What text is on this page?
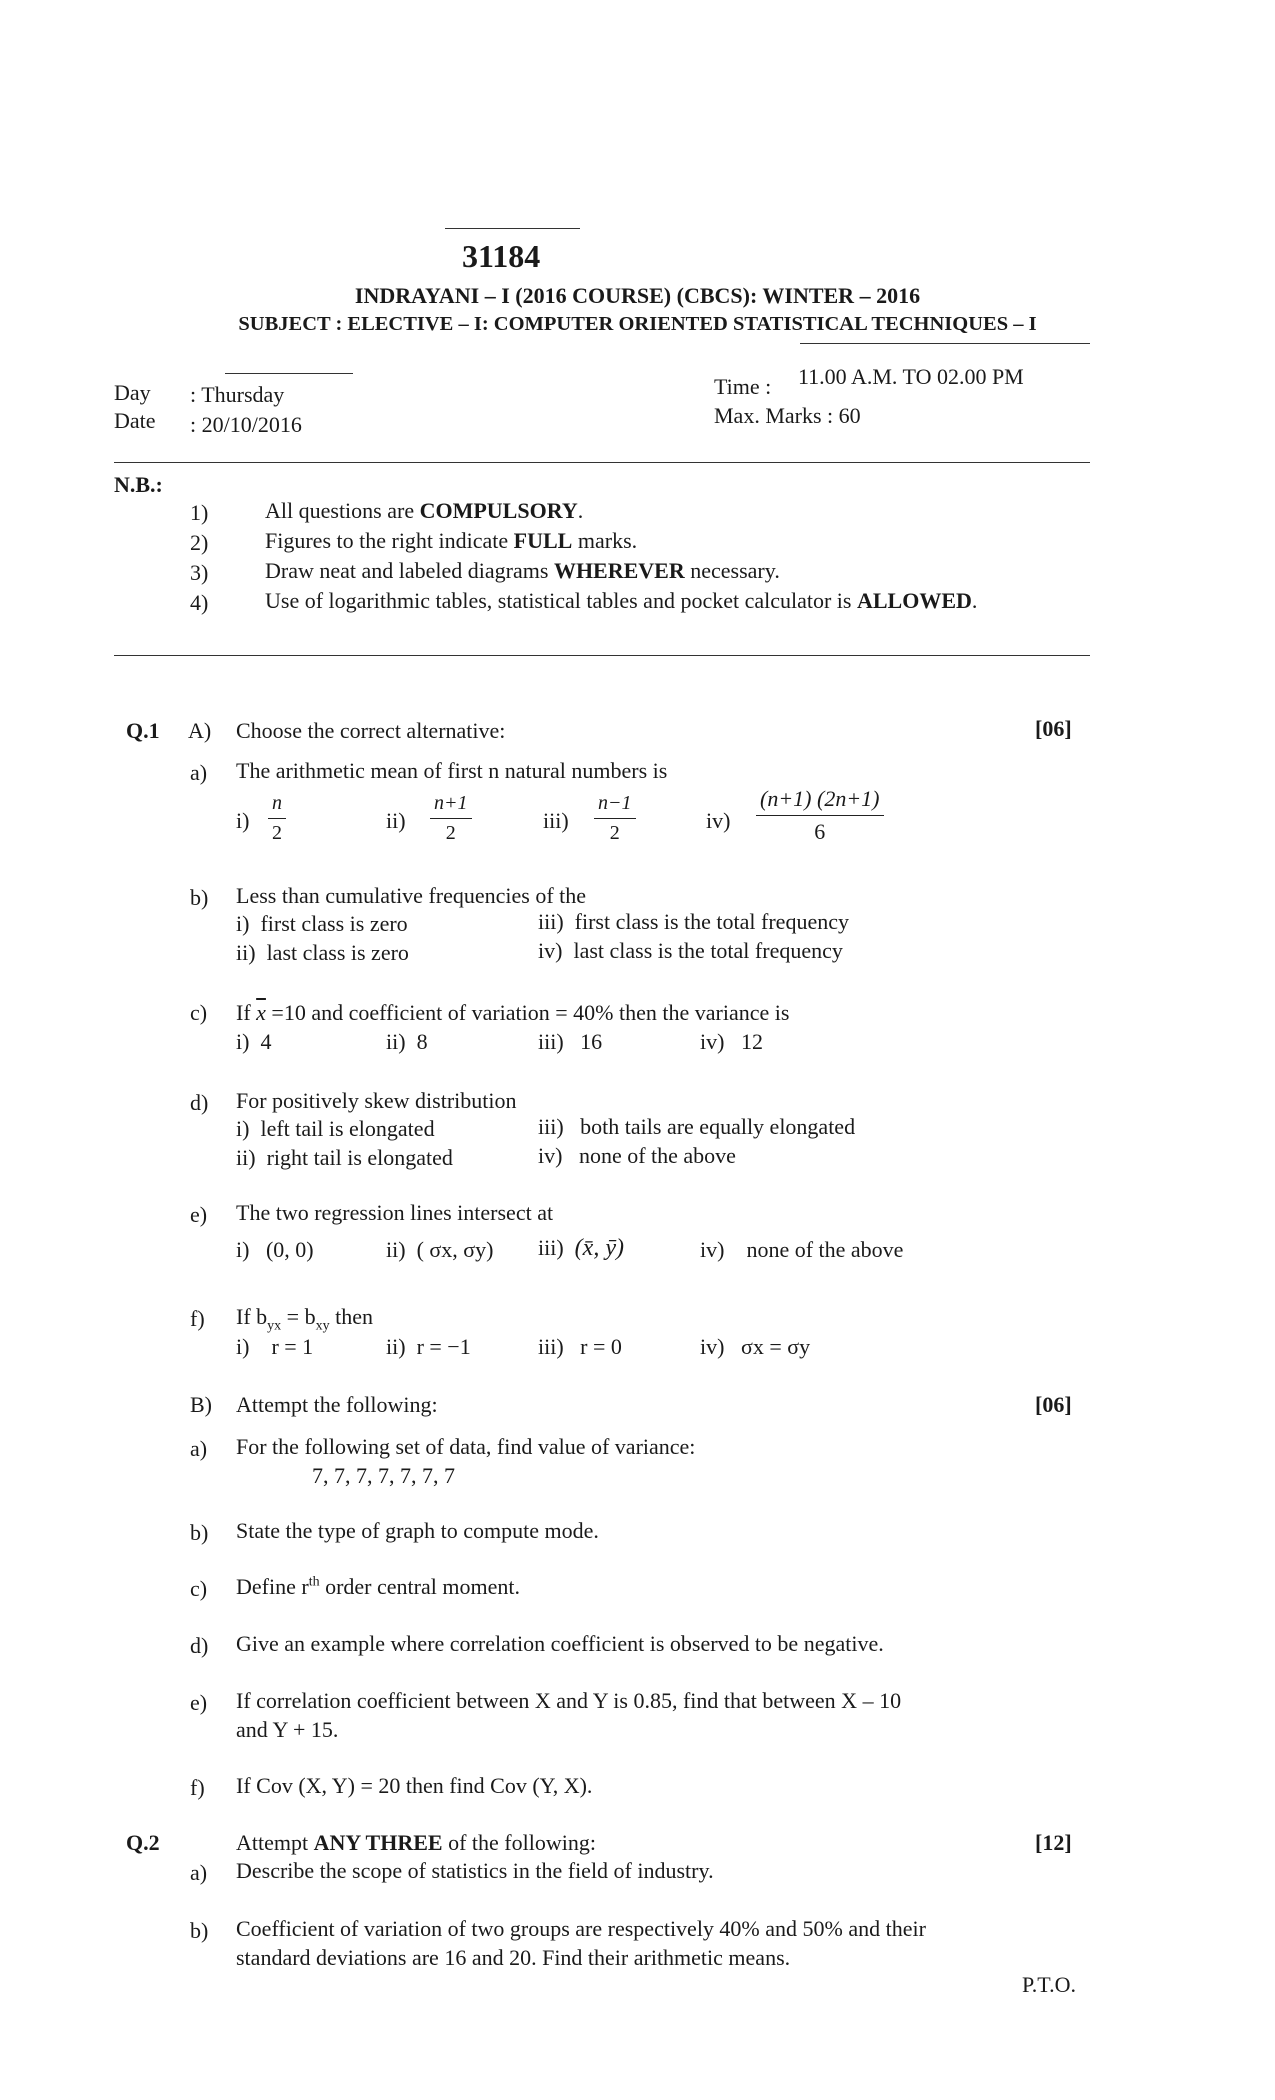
31184
INDRAYANI – I (2016 COURSE) (CBCS): WINTER – 2016
SUBJECT : ELECTIVE – I: COMPUTER ORIENTED STATISTICAL TECHNIQUES – I
Day : Thursday
Date : 20/10/2016
Time : 11.00 A.M. TO 02.00 PM
Max. Marks : 60
N.B.:
1)	All questions are COMPULSORY.
2)	Figures to the right indicate FULL marks.
3)	Draw neat and labeled diagrams WHEREVER necessary.
4)	Use of logarithmic tables, statistical tables and pocket calculator is ALLOWED.
Q.1 A) Choose the correct alternative:	[06]
a) The arithmetic mean of first n natural numbers is
$i) \frac{n}{2}$	$ii) \frac{n+1}{2}$	$iii) \frac{n-1}{2}$	$iv) \frac{(n+1) (2n+1)}{6}$
b) Less than cumulative frequencies of the
i) first class is zero	iii) first class is the total frequency
ii) last class is zero	iv) last class is the total frequency
c) If $\overline{x} =10$ and coefficient of variation = 40% then the variance is
i) 4	ii) 8	iii) 16	iv) 12
d) For positively skew distribution
i) left tail is elongated	iii) both tails are equally elongated
ii) right tail is elongated	iv) none of the above
e) The two regression lines intersect at
i) (0, 0)	ii) ( σx, σy) iii) (x̄, ȳ)	iv) none of the above
f) If $b_{yx} = b_{xy}$ then
i) r = 1	ii) r = −1	iii) r = 0	iv) σx = σy
B) Attempt the following:	[06]
a) For the following set of data, find value of variance:
7, 7, 7, 7, 7, 7, 7
b) State the type of graph to compute mode.
c) Define $r^{th}$ order central moment.
d) Give an example where correlation coefficient is observed to be negative.
e) If correlation coefficient between X and Y is 0.85, find that between X – 10
and Y + 15.
f) If Cov (X, Y) = 20 then find Cov (Y, X).
Q.2	Attempt ANY THREE of the following:	[12]
a) Describe the scope of statistics in the field of industry.
b) Coefficient of variation of two groups are respectively 40% and 50% and their
standard deviations are 16 and 20. Find their arithmetic means.
P.T.O.
